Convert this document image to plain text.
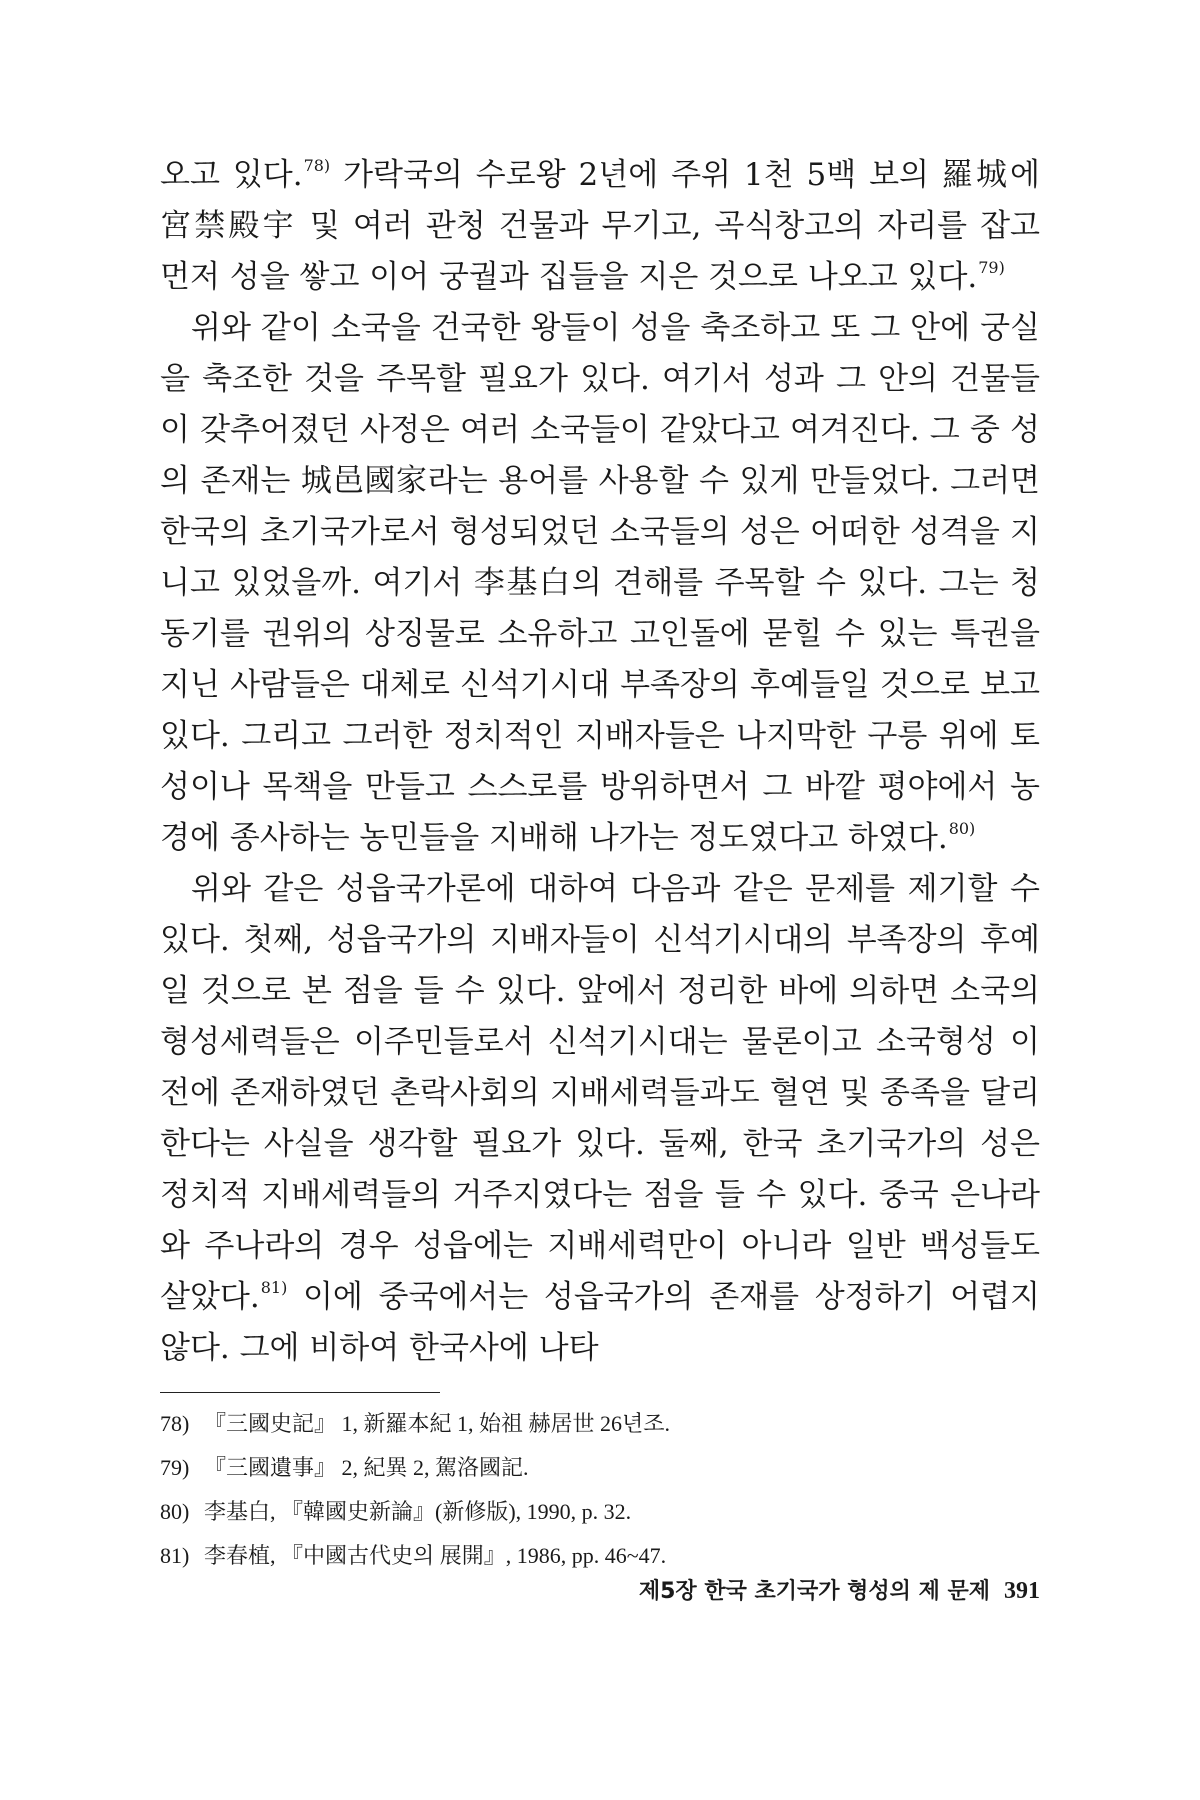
오고 있다.$^{78)}$ 가락국의 수로왕 2년에 주위 1천 5백 보의 羅城에 宮禁殿宇 및 여러 관청 건물과 무기고, 곡식창고의 자리를 잡고 먼저 성을 쌓고 이어 궁궐과 집들을 지은 것으로 나오고 있다.$^{79)}$

위와 같이 소국을 건국한 왕들이 성을 축조하고 또 그 안에 궁실을 축조한 것을 주목할 필요가 있다. 여기서 성과 그 안의 건물들이 갖추어졌던 사정은 여러 소국들이 같았다고 여겨진다. 그 중 성의 존재는 城邑國家라는 용어를 사용할 수 있게 만들었다. 그러면 한국의 초기국가로서 형성되었던 소국들의 성은 어떠한 성격을 지니고 있었을까. 여기서 李基白의 견해를 주목할 수 있다. 그는 청동기를 권위의 상징물로 소유하고 고인돌에 묻힐 수 있는 특권을 지닌 사람들은 대체로 신석기시대 부족장의 후예들일 것으로 보고 있다. 그리고 그러한 정치적인 지배자들은 나지막한 구릉 위에 토성이나 목책을 만들고 스스로를 방위하면서 그 바깥 평야에서 농경에 종사하는 농민들을 지배해 나가는 정도였다고 하였다.$^{80)}$

위와 같은 성읍국가론에 대하여 다음과 같은 문제를 제기할 수 있다. 첫째, 성읍국가의 지배자들이 신석기시대의 부족장의 후예일 것으로 본 점을 들 수 있다. 앞에서 정리한 바에 의하면 소국의 형성세력들은 이주민들로서 신석기시대는 물론이고 소국형성 이전에 존재하였던 촌락사회의 지배세력들과도 혈연 및 종족을 달리한다는 사실을 생각할 필요가 있다. 둘째, 한국 초기국가의 성은 정치적 지배세력들의 거주지였다는 점을 들 수 있다. 중국 은나라와 주나라의 경우 성읍에는 지배세력만이 아니라 일반 백성들도 살았다.$^{81)}$ 이에 중국에서는 성읍국가의 존재를 상정하기 어렵지 않다. 그에 비하여 한국사에 나타

78) 『三國史記』 1, 新羅本紀 1, 始祖 赫居世 26년조.
79) 『三國遺事』 2, 紀異 2, 駕洛國記.
80) 李基白, 『韓國史新論』(新修版), 1990, p. 32.
81) 李春植, 『中國古代史의 展開』, 1986, pp. 46~47.
제5장 한국 초기국가 형성의 제 문제 391
